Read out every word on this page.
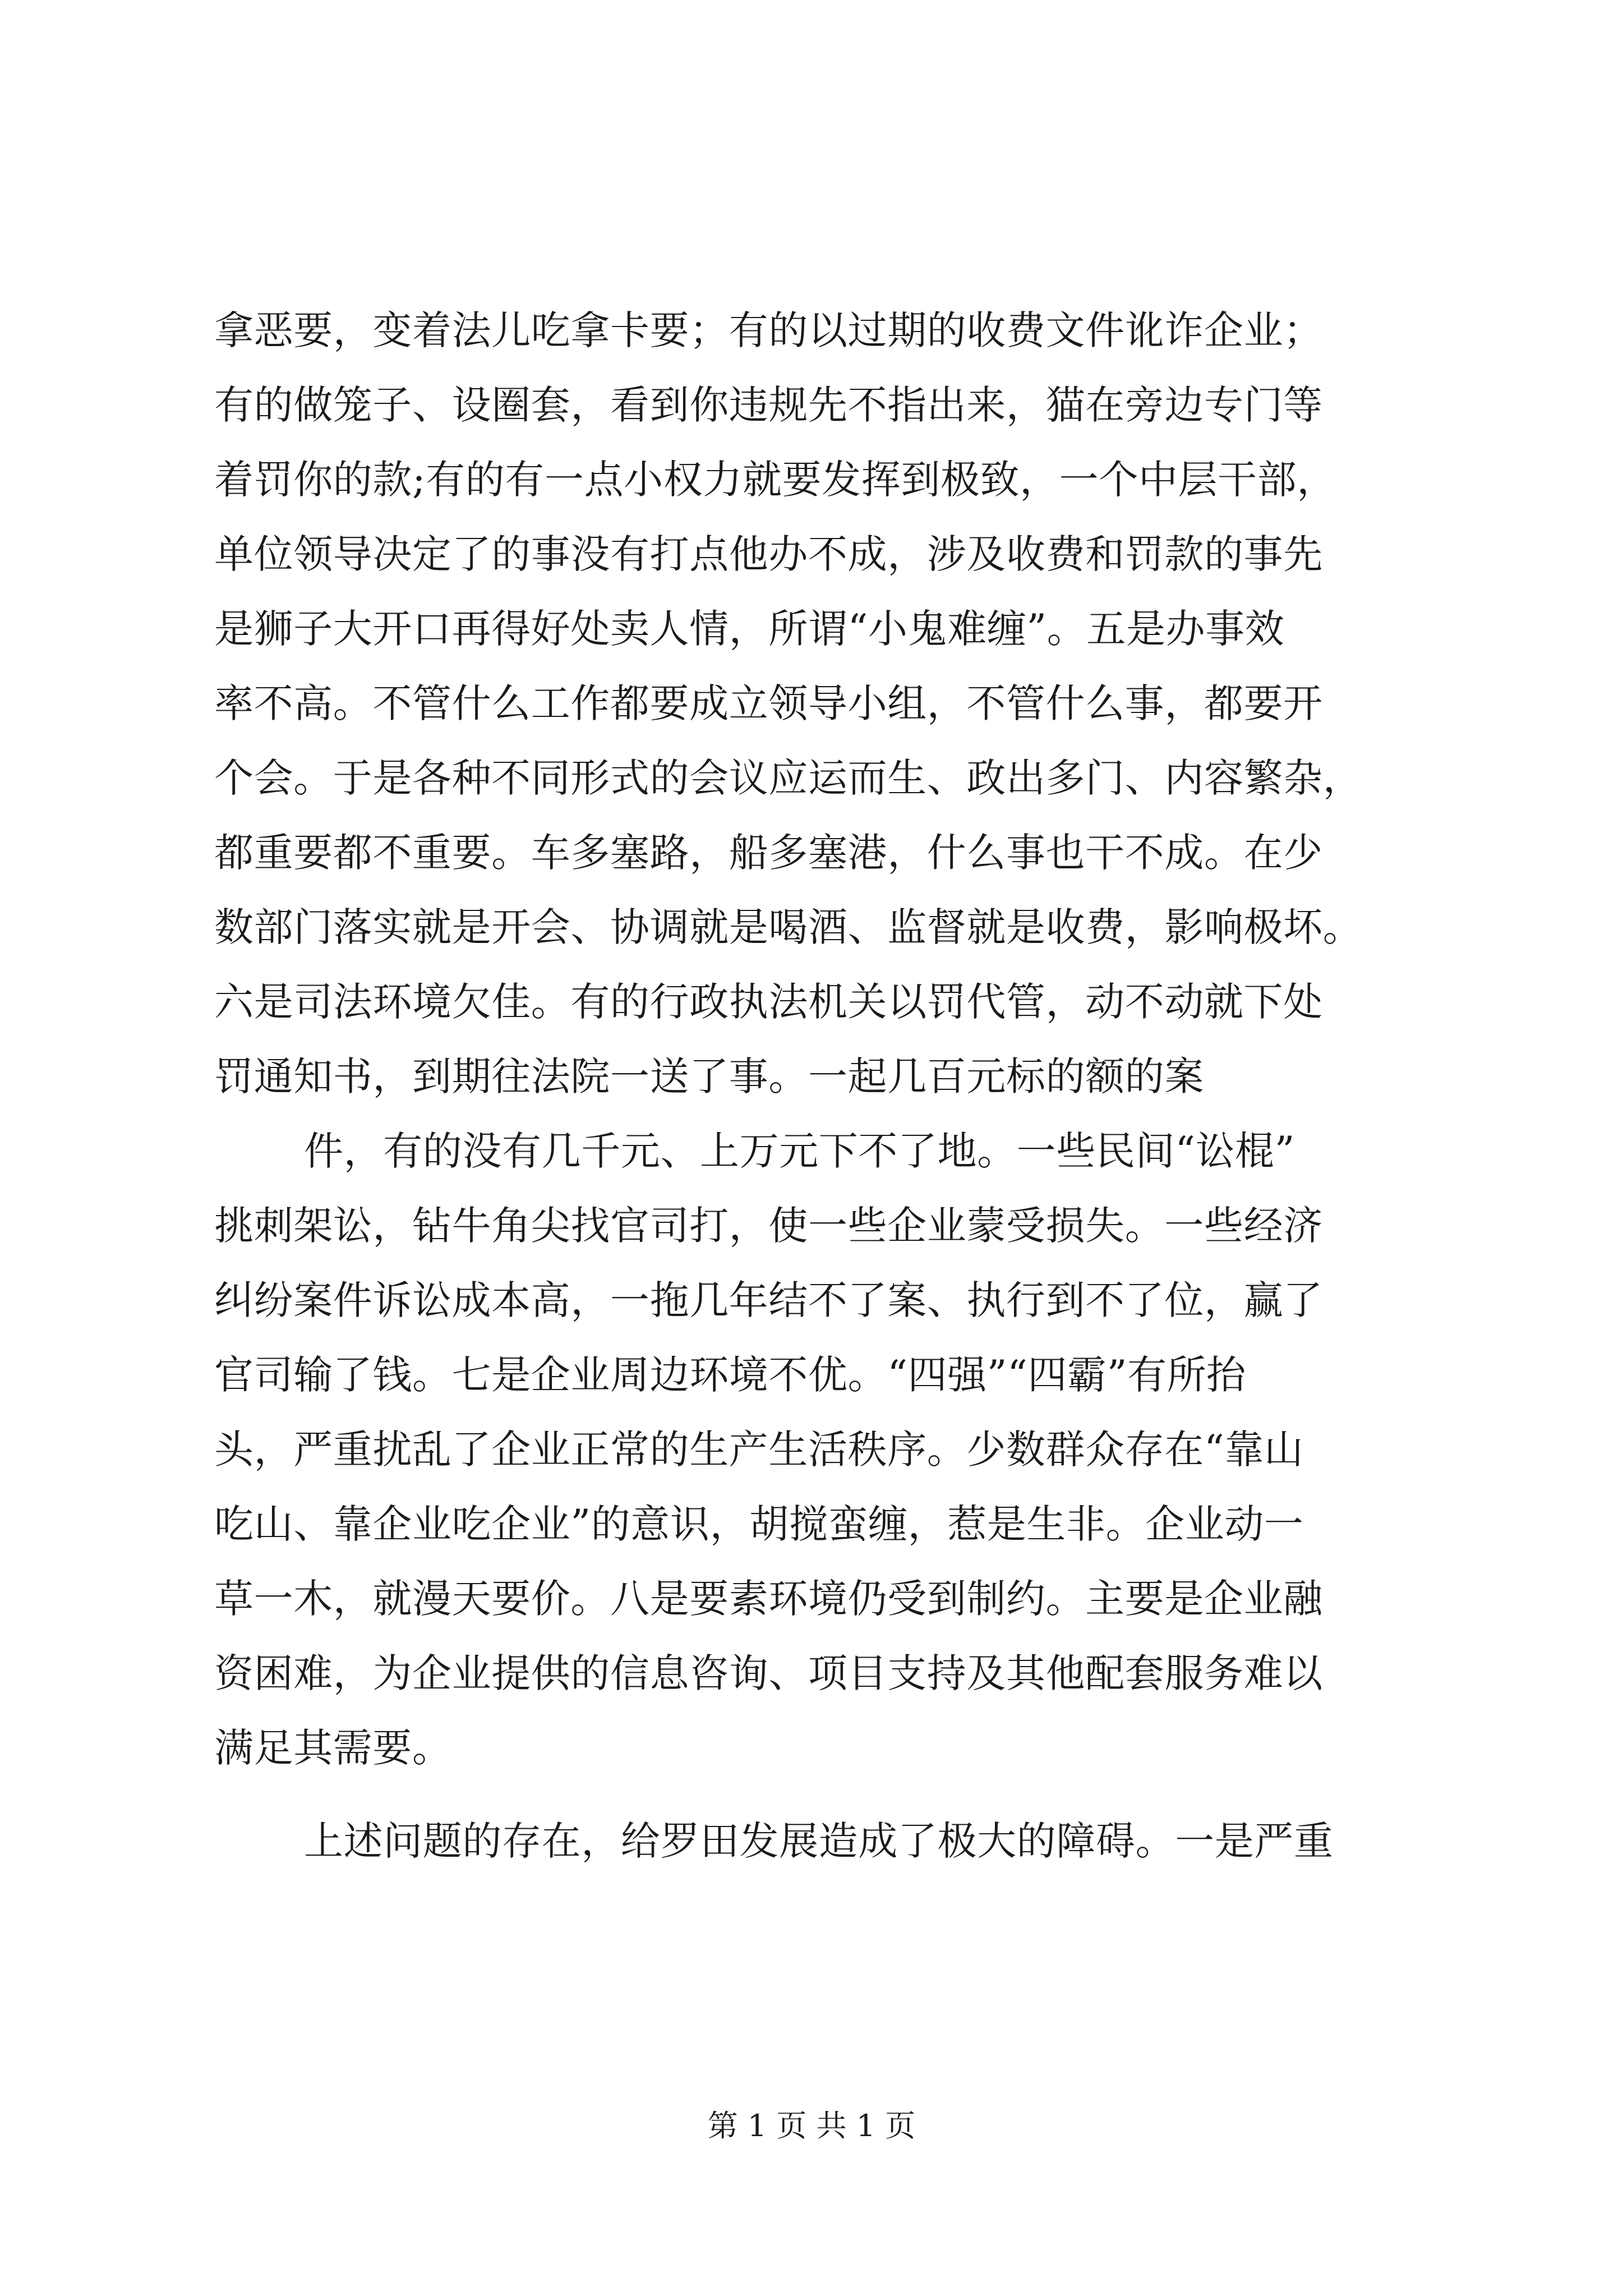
拿恶要，变着法儿吃拿卡要；有的以过期的收费文件讹诈企业；
有的做笼子、设圈套，看到你违规先不指出来，猫在旁边专门等
着罚你的款;有的有一点小权力就要发挥到极致，一个中层干部，
单位领导决定了的事没有打点他办不成，涉及收费和罚款的事先
是狮子大开口再得好处卖人情，所谓“小鬼难缠”。五是办事效
率不高。不管什么工作都要成立领导小组，不管什么事，都要开
个会。于是各种不同形式的会议应运而生、政出多门、内容繁杂，
都重要都不重要。车多塞路，船多塞港，什么事也干不成。在少
数部门落实就是开会、协调就是喝酒、监督就是收费，影响极坏。
六是司法环境欠佳。有的行政执法机关以罚代管，动不动就下处
罚通知书，到期往法院一送了事。一起几百元标的额的案
件，有的没有几千元、上万元下不了地。一些民间“讼棍”
挑刺架讼，钻牛角尖找官司打，使一些企业蒙受损失。一些经济
纠纷案件诉讼成本高，一拖几年结不了案、执行到不了位，赢了
官司输了钱。七是企业周边环境不优。“四强”“四霸”有所抬
头，严重扰乱了企业正常的生产生活秩序。少数群众存在“靠山
吃山、靠企业吃企业”的意识，胡搅蛮缠，惹是生非。企业动一
草一木，就漫天要价。八是要素环境仍受到制约。主要是企业融
资困难，为企业提供的信息咨询、项目支持及其他配套服务难以
满足其需要。
上述问题的存在，给罗田发展造成了极大的障碍。一是严重
第 1 页 共 1 页
